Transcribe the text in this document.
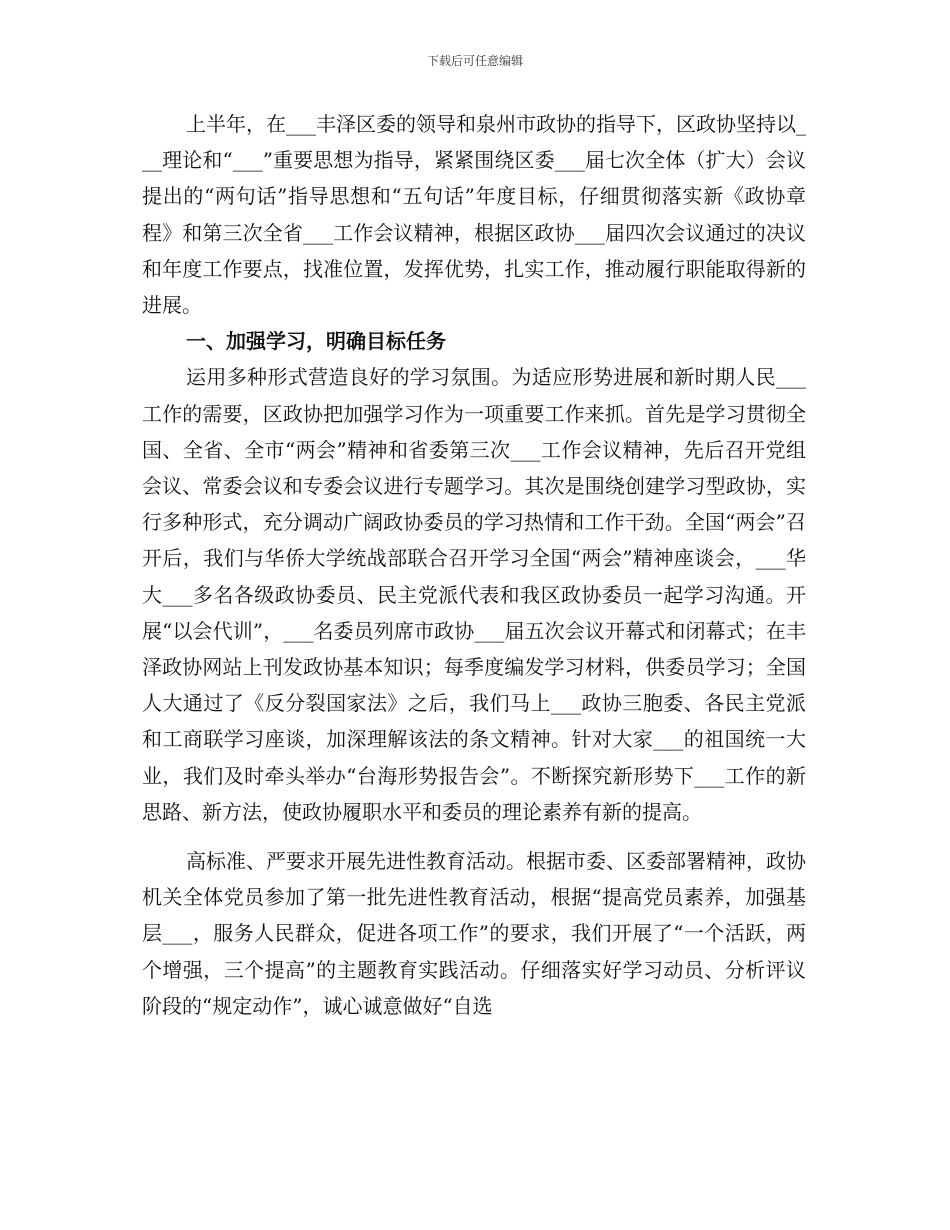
下载后可任意编辑

上半年，在___丰泽区委的领导和泉州市政协的指导下，区政协坚持以___理论和“___”重要思想为指导，紧紧围绕区委___届七次全体（扩大）会议提出的“两句话”指导思想和“五句话”年度目标，仔细贯彻落实新《政协章程》和第三次全省___工作会议精神，根据区政协___届四次会议通过的决议和年度工作要点，找准位置，发挥优势，扎实工作，推动履行职能取得新的进展。

一、加强学习，明确目标任务

运用多种形式营造良好的学习氛围。为适应形势进展和新时期人民___工作的需要，区政协把加强学习作为一项重要工作来抓。首先是学习贯彻全国、全省、全市“两会”精神和省委第三次___工作会议精神，先后召开党组会议、常委会议和专委会议进行专题学习。其次是围绕创建学习型政协，实行多种形式，充分调动广阔政协委员的学习热情和工作干劲。全国“两会”召开后，我们与华侨大学统战部联合召开学习全国“两会”精神座谈会，___华大___多名各级政协委员、民主党派代表和我区政协委员一起学习沟通。开展“以会代训”，___名委员列席市政协___届五次会议开幕式和闭幕式；在丰泽政协网站上刊发政协基本知识；每季度编发学习材料，供委员学习；全国人大通过了《反分裂国家法》之后，我们马上___政协三胞委、各民主党派和工商联学习座谈，加深理解该法的条文精神。针对大家___的祖国统一大业，我们及时牵头举办“台海形势报告会”。不断探究新形势下___工作的新思路、新方法，使政协履职水平和委员的理论素养有新的提高。

高标准、严要求开展先进性教育活动。根据市委、区委部署精神，政协机关全体党员参加了第一批先进性教育活动，根据“提高党员素养，加强基层___，服务人民群众，促进各项工作”的要求，我们开展了“一个活跃，两个增强，三个提高”的主题教育实践活动。仔细落实好学习动员、分析评议阶段的“规定动作”，诚心诚意做好“自选
